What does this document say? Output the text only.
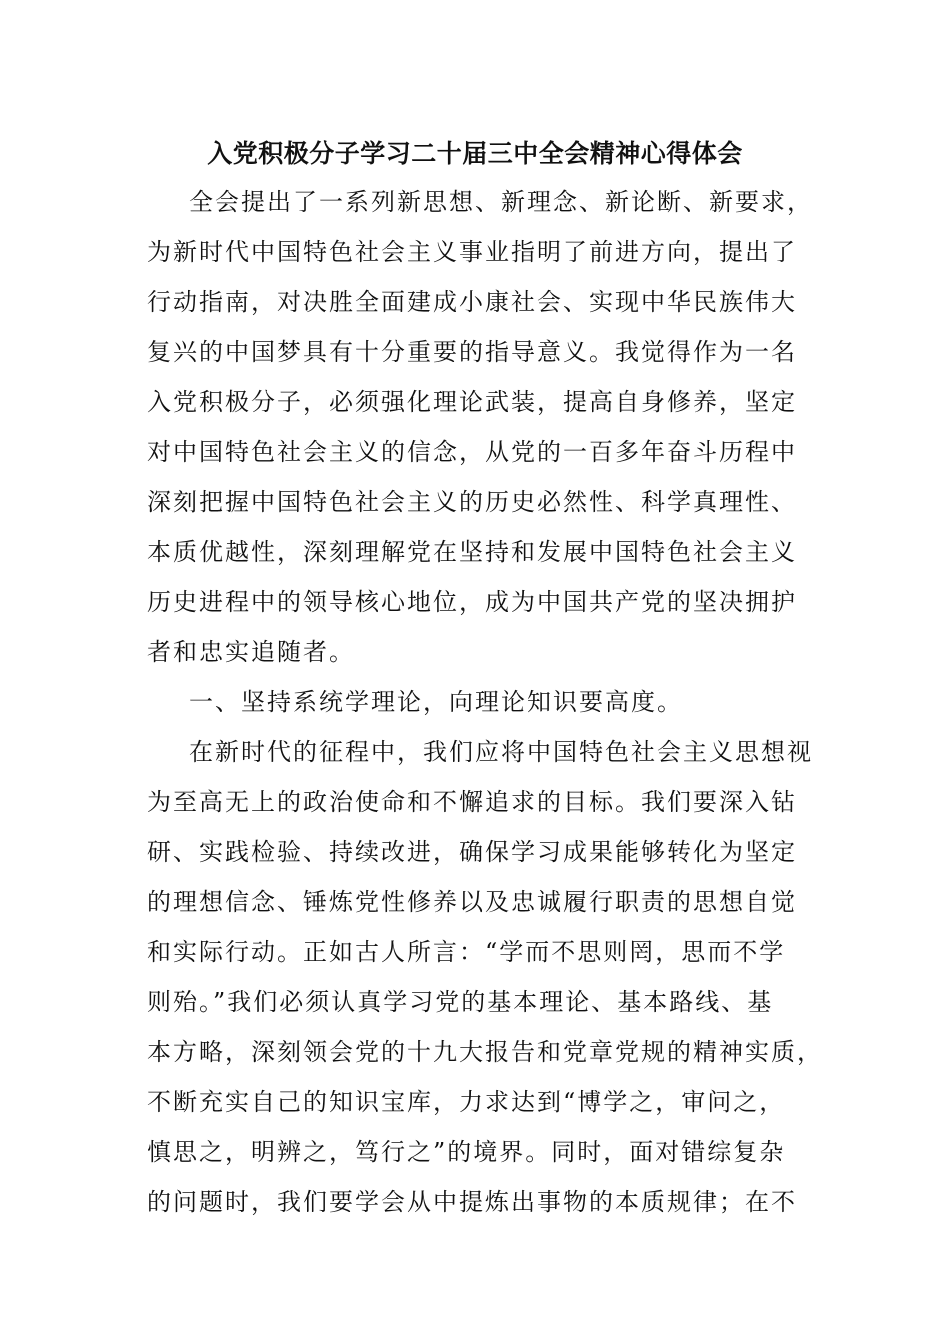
入党积极分子学习二十届三中全会精神心得体会
全会提出了一系列新思想、新理念、新论断、新要求，
为新时代中国特色社会主义事业指明了前进方向，提出了
行动指南，对决胜全面建成小康社会、实现中华民族伟大
复兴的中国梦具有十分重要的指导意义。我觉得作为一名
入党积极分子，必须强化理论武装，提高自身修养，坚定
对中国特色社会主义的信念，从党的一百多年奋斗历程中
深刻把握中国特色社会主义的历史必然性、科学真理性、
本质优越性，深刻理解党在坚持和发展中国特色社会主义
历史进程中的领导核心地位，成为中国共产党的坚决拥护
者和忠实追随者。
一、坚持系统学理论，向理论知识要高度。
在新时代的征程中，我们应将中国特色社会主义思想视
为至高无上的政治使命和不懈追求的目标。我们要深入钻
研、实践检验、持续改进，确保学习成果能够转化为坚定
的理想信念、锤炼党性修养以及忠诚履行职责的思想自觉
和实际行动。正如古人所言：“学而不思则罔，思而不学
则殆。”我们必须认真学习党的基本理论、基本路线、基
本方略，深刻领会党的十九大报告和党章党规的精神实质，
不断充实自己的知识宝库，力求达到“博学之，审问之，
慎思之，明辨之，笃行之”的境界。同时，面对错综复杂
的问题时，我们要学会从中提炼出事物的本质规律；在不
